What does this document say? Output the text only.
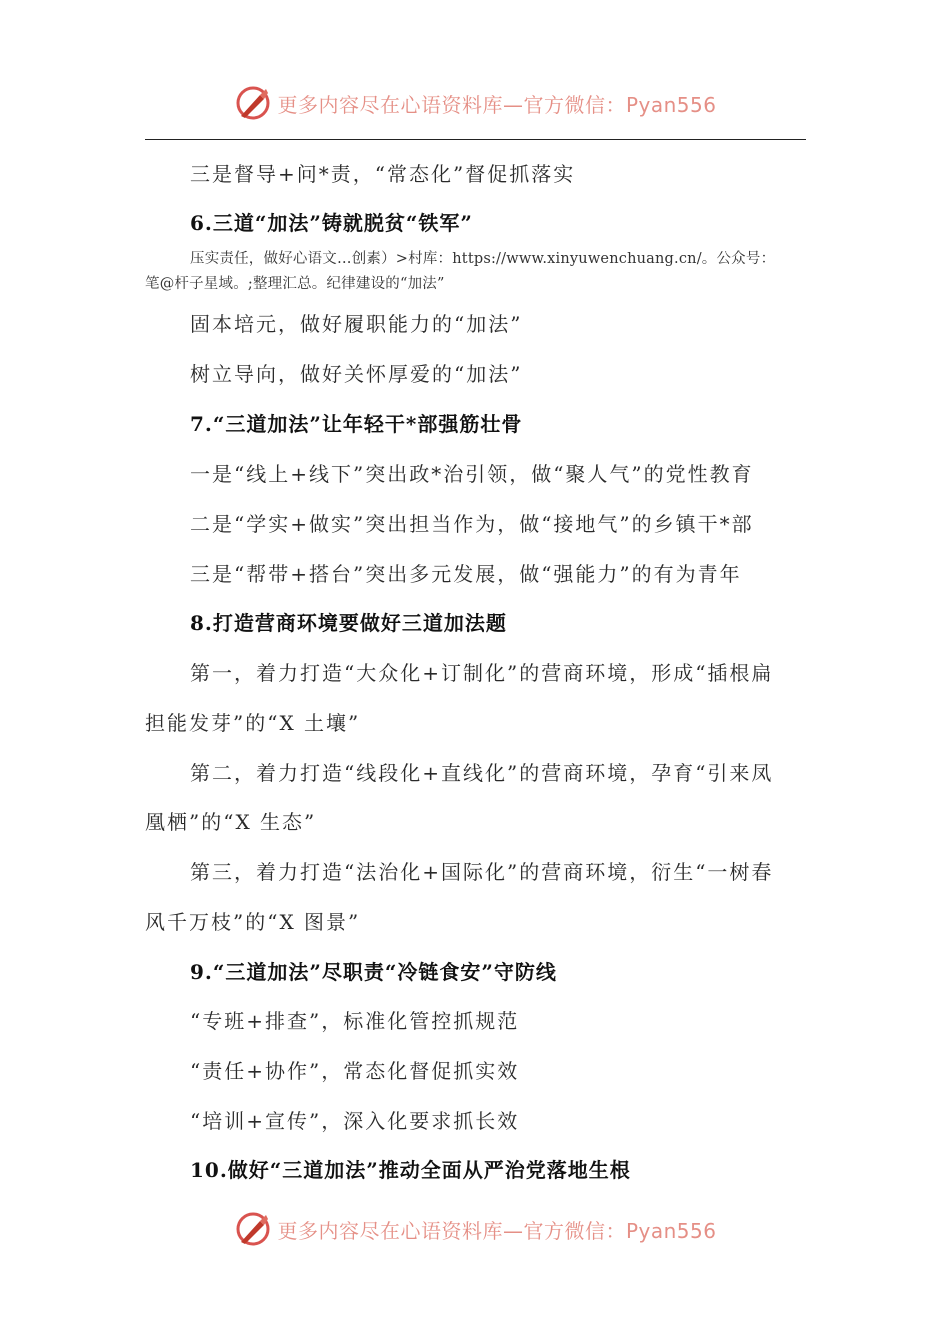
更多内容尽在心语资料库—官方微信：Pyan556
三是督导+问*责，“常态化”督促抓落实
6.三道“加法”铸就脱贫“铁军”
压实责任，做好心语文…创素）>村库：https://www.xinyuwenchuang.cn/。公众号：
笔@杆子星域。;整理汇总。纪律建设的“加法”
固本培元，做好履职能力的“加法”
树立导向，做好关怀厚爱的“加法”
7.“三道加法”让年轻干*部强筋壮骨
一是“线上+线下”突出政*治引领，做“聚人气”的党性教育
二是“学实+做实”突出担当作为，做“接地气”的乡镇干*部
三是“帮带+搭台”突出多元发展，做“强能力”的有为青年
8.打造营商环境要做好三道加法题
第一，着力打造“大众化+订制化”的营商环境，形成“插根扁
担能发芽”的“X 土壤”
第二，着力打造“线段化+直线化”的营商环境，孕育“引来凤
凰栖”的“X 生态”
第三，着力打造“法治化+国际化”的营商环境，衍生“一树春
风千万枝”的“X 图景”
9.“三道加法”尽职责“冷链食安”守防线
“专班+排查”，标准化管控抓规范
“责任+协作”，常态化督促抓实效
“培训+宣传”，深入化要求抓长效
10.做好“三道加法”推动全面从严治党落地生根
更多内容尽在心语资料库—官方微信：Pyan556
